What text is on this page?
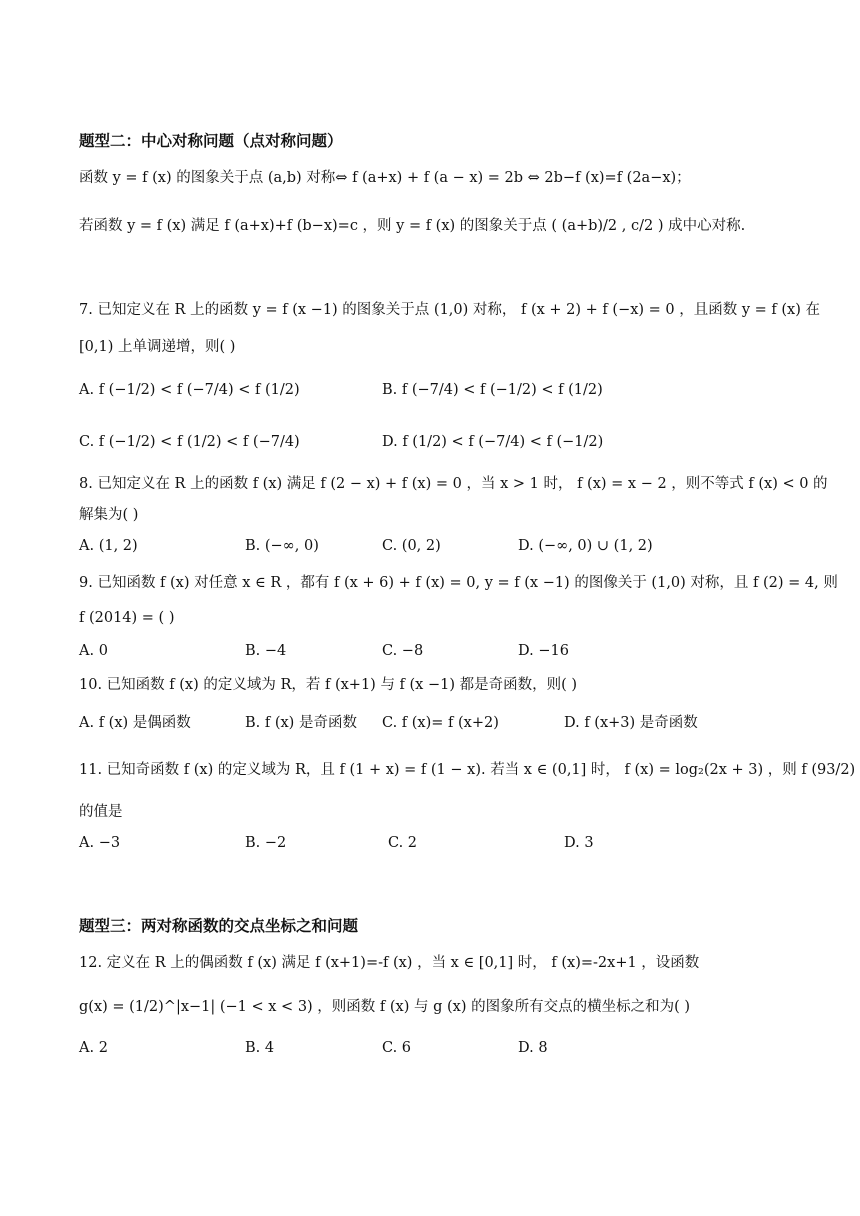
题型二：中心对称问题（点对称问题）
函数 y = f (x) 的图象关于点 (a,b) 对称⇔ f (a+x) + f (a − x) = 2b ⇔ 2b−f (x)=f (2a−x)；
若函数 y = f (x) 满足 f (a+x)+f (b−x)=c ，则 y = f (x) 的图象关于点 ( (a+b)/2 , c/2 ) 成中心对称.
7. 已知定义在 R 上的函数 y = f (x −1) 的图象关于点 (1,0) 对称， f (x + 2) + f (−x) = 0 ，且函数 y = f (x) 在
[0,1) 上单调递增，则( )
A. f (−1/2) < f (−7/4) < f (1/2)	B. f (−7/4) < f (−1/2) < f (1/2)
C. f (−1/2) < f (1/2) < f (−7/4)	D. f (1/2) < f (−7/4) < f (−1/2)
8. 已知定义在 R 上的函数 f (x) 满足 f (2 − x) + f (x) = 0 ，当 x > 1 时， f (x) = x − 2 ，则不等式 f (x) < 0 的
解集为( )
A. (1, 2)	B. (−∞, 0)	C. (0, 2)	D. (−∞, 0) ∪ (1, 2)
9. 已知函数 f (x) 对任意 x ∈ R ，都有 f (x + 6) + f (x) = 0, y = f (x −1) 的图像关于 (1,0) 对称，且 f (2) = 4, 则
f (2014) = ( )
A. 0	B. −4	C. −8	D. −16
10. 已知函数 f (x) 的定义域为 R，若 f (x+1) 与 f (x −1) 都是奇函数，则( )
A. f (x) 是偶函数	B. f (x) 是奇函数 C. f (x)= f (x+2)	D. f (x+3) 是奇函数
11. 已知奇函数 f (x) 的定义域为 R，且 f (1 + x) = f (1 − x). 若当 x ∈ (0,1] 时， f (x) = log₂(2x + 3) ，则 f (93/2)
的值是
A. −3	B. −2	C. 2	D. 3
题型三：两对称函数的交点坐标之和问题
12. 定义在 R 上的偶函数 f (x) 满足 f (x+1)=-f (x) ，当 x ∈ [0,1] 时， f (x)=-2x+1 ，设函数
g(x) = (1/2)^|x−1| (−1 < x < 3) ，则函数 f (x) 与 g (x) 的图象所有交点的横坐标之和为( )
A. 2	B. 4	C. 6	D. 8
